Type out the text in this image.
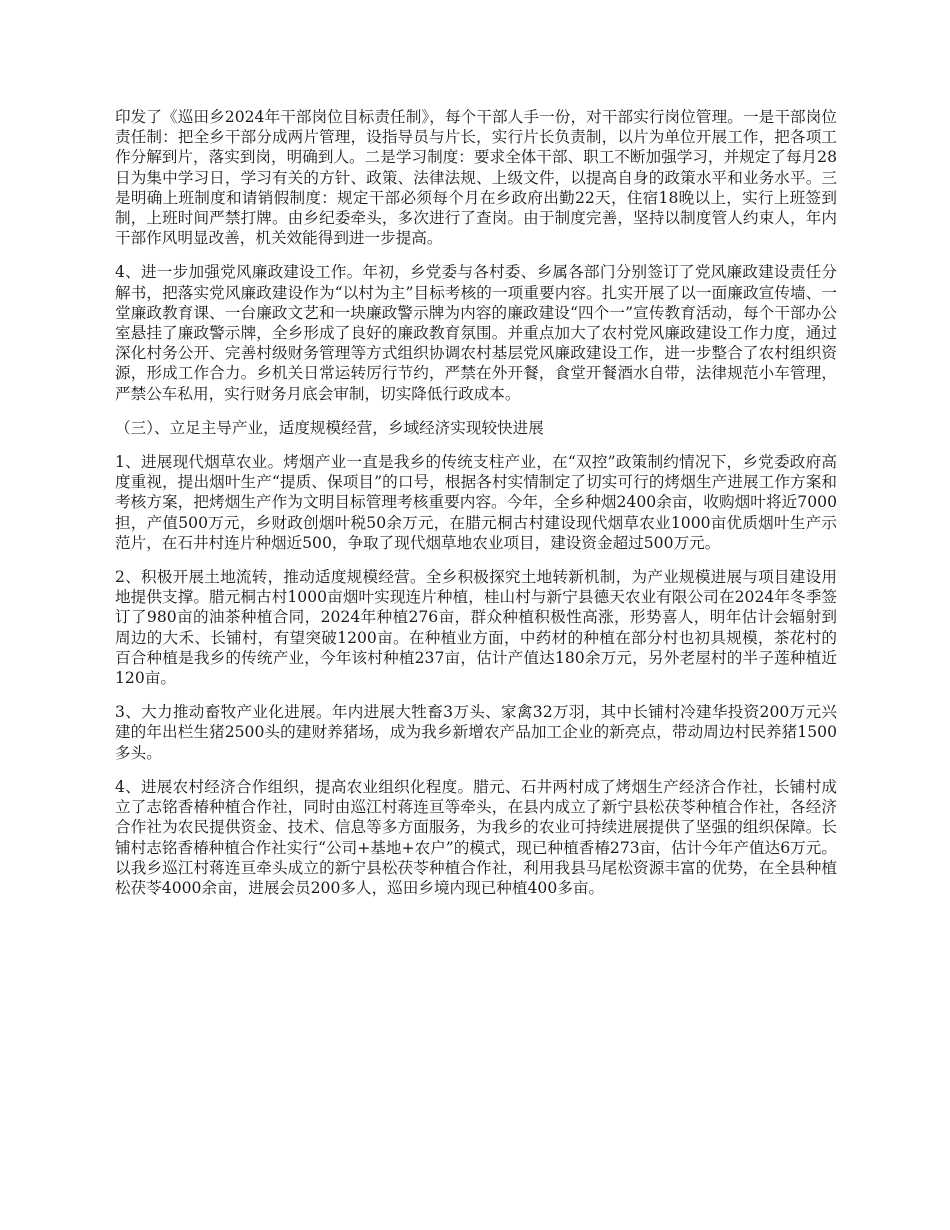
印发了《巡田乡2024年干部岗位目标责任制》，每个干部人手一份，对干部实行岗位管理。一是干部岗位责任制：把全乡干部分成两片管理，设指导员与片长，实行片长负责制，以片为单位开展工作，把各项工作分解到片，落实到岗，明确到人。二是学习制度：要求全体干部、职工不断加强学习，并规定了每月28日为集中学习日，学习有关的方针、政策、法律法规、上级文件，以提高自身的政策水平和业务水平。三是明确上班制度和请销假制度：规定干部必须每个月在乡政府出勤22天，住宿18晚以上，实行上班签到制，上班时间严禁打牌。由乡纪委牵头，多次进行了查岗。由于制度完善，坚持以制度管人约束人，年内干部作风明显改善，机关效能得到进一步提高。

4、进一步加强党风廉政建设工作。年初，乡党委与各村委、乡属各部门分别签订了党风廉政建设责任分解书，把落实党风廉政建设作为“以村为主”目标考核的一项重要内容。扎实开展了以一面廉政宣传墙、一堂廉政教育课、一台廉政文艺和一块廉政警示牌为内容的廉政建设“四个一”宣传教育活动，每个干部办公室悬挂了廉政警示牌，全乡形成了良好的廉政教育氛围。并重点加大了农村党风廉政建设工作力度，通过深化村务公开、完善村级财务管理等方式组织协调农村基层党风廉政建设工作，进一步整合了农村组织资源，形成工作合力。乡机关日常运转厉行节约，严禁在外开餐，食堂开餐酒水自带，法律规范小车管理，严禁公车私用，实行财务月底会审制，切实降低行政成本。

（三）、立足主导产业，适度规模经营，乡域经济实现较快进展

1、进展现代烟草农业。烤烟产业一直是我乡的传统支柱产业，在“双控”政策制约情况下，乡党委政府高度重视，提出烟叶生产“提质、保项目”的口号，根据各村实情制定了切实可行的烤烟生产进展工作方案和考核方案，把烤烟生产作为文明目标管理考核重要内容。今年，全乡种烟2400余亩，收购烟叶将近7000担，产值500万元，乡财政创烟叶税50余万元，在腊元桐古村建设现代烟草农业1000亩优质烟叶生产示范片，在石井村连片种烟近500，争取了现代烟草地农业项目，建设资金超过500万元。

2、积极开展土地流转，推动适度规模经营。全乡积极探究土地转新机制，为产业规模进展与项目建设用地提供支撑。腊元桐古村1000亩烟叶实现连片种植，桂山村与新宁县德天农业有限公司在2024年冬季签订了980亩的油茶种植合同，2024年种植276亩，群众种植积极性高涨，形势喜人，明年估计会辐射到周边的大禾、长铺村，有望突破1200亩。在种植业方面，中药材的种植在部分村也初具规模，茶花村的百合种植是我乡的传统产业，今年该村种植237亩，估计产值达180余万元，另外老屋村的半子莲种植近120亩。

3、大力推动畜牧产业化进展。年内进展大牲畜3万头、家禽32万羽，其中长铺村冷建华投资200万元兴建的年出栏生猪2500头的建财养猪场，成为我乡新增农产品加工企业的新亮点，带动周边村民养猪1500多头。

4、进展农村经济合作组织，提高农业组织化程度。腊元、石井两村成了烤烟生产经济合作社，长铺村成立了志铭香椿种植合作社，同时由巡江村蒋连亘等牵头，在县内成立了新宁县松茯苓种植合作社，各经济合作社为农民提供资金、技术、信息等多方面服务，为我乡的农业可持续进展提供了坚强的组织保障。长铺村志铭香椿种植合作社实行“公司+基地+农户”的模式，现已种植香椿273亩，估计今年产值达6万元。以我乡巡江村蒋连亘牵头成立的新宁县松茯苓种植合作社，利用我县马尾松资源丰富的优势，在全县种植松茯苓4000余亩，进展会员200多人，巡田乡境内现已种植400多亩。
